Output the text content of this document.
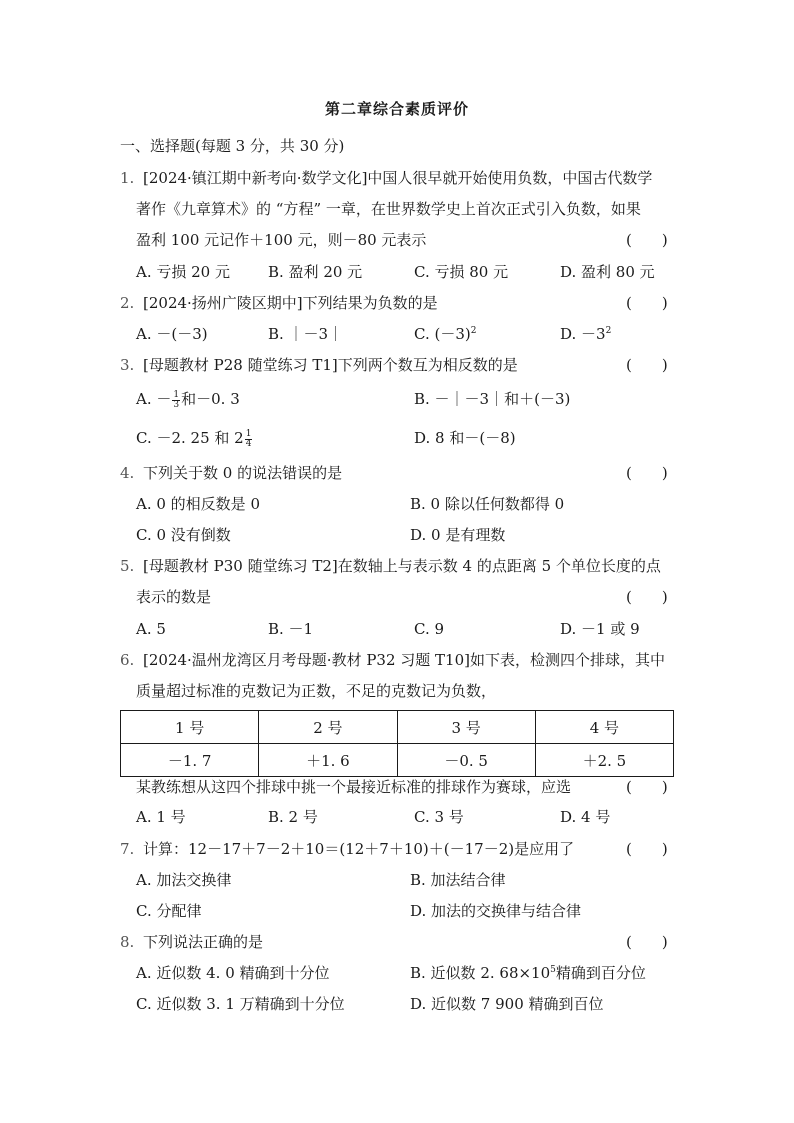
第二章综合素质评价
一、选择题(每题 3 分，共 30 分)
1. [2024·镇江期中新考向·数学文化]中国人很早就开始使用负数，中国古代数学
著作《九章算术》的 “方程” 一章，在世界数学史上首次正式引入负数，如果
盈利 100 元记作＋100 元，则－80 元表示	(　　)
A. 亏损 20 元	B. 盈利 20 元	C. 亏损 80 元	D. 盈利 80 元
2. [2024·扬州广陵区期中]下列结果为负数的是	(　　)
A. －(－3)	B. ｜－3｜	C. $(-3)^2$	D. $-3^2$
3. [母题教材 P28 随堂练习 T1]下列两个数互为相反数的是	(　　)
A. － $\frac{1}{3}$ 和－0. 3	B. －｜－3｜和＋(－3)
C. －2. 25 和 $2 \frac{1}{4}$	D. 8 和－(－8)
4. 下列关于数 0 的说法错误的是	(　　)
A. 0 的相反数是 0	B. 0 除以任何数都得 0
C. 0 没有倒数	D. 0 是有理数
5. [母题教材 P30 随堂练习 T2]在数轴上与表示数 4 的点距离 5 个单位长度的点
表示的数是	(　　)
A. 5	B. －1	C. 9	D. －1 或 9
6. [2024·温州龙湾区月考母题·教材 P32 习题 T10]如下表，检测四个排球，其中
质量超过标准的克数记为正数，不足的克数记为负数，
1 号	2 号	3 号	4 号
－1. 7	＋1. 6	－0. 5	＋2. 5
某教练想从这四个排球中挑一个最接近标准的排球作为赛球，应选	(　　)
A. 1 号	B. 2 号	C. 3 号	D. 4 号
7. 计算：12－17＋7－2＋10＝(12＋7＋10)＋(－17－2)是应用了	(　　)
A. 加法交换律	B. 加法结合律
C. 分配律	D. 加法的交换律与结合律
8. 下列说法正确的是	(　　)
A. 近似数 4. 0 精确到十分位	B. 近似数 2. $68\times 10^5$精确到百分位
C. 近似数 3. 1 万精确到十分位	D. 近似数 7 900 精确到百位
